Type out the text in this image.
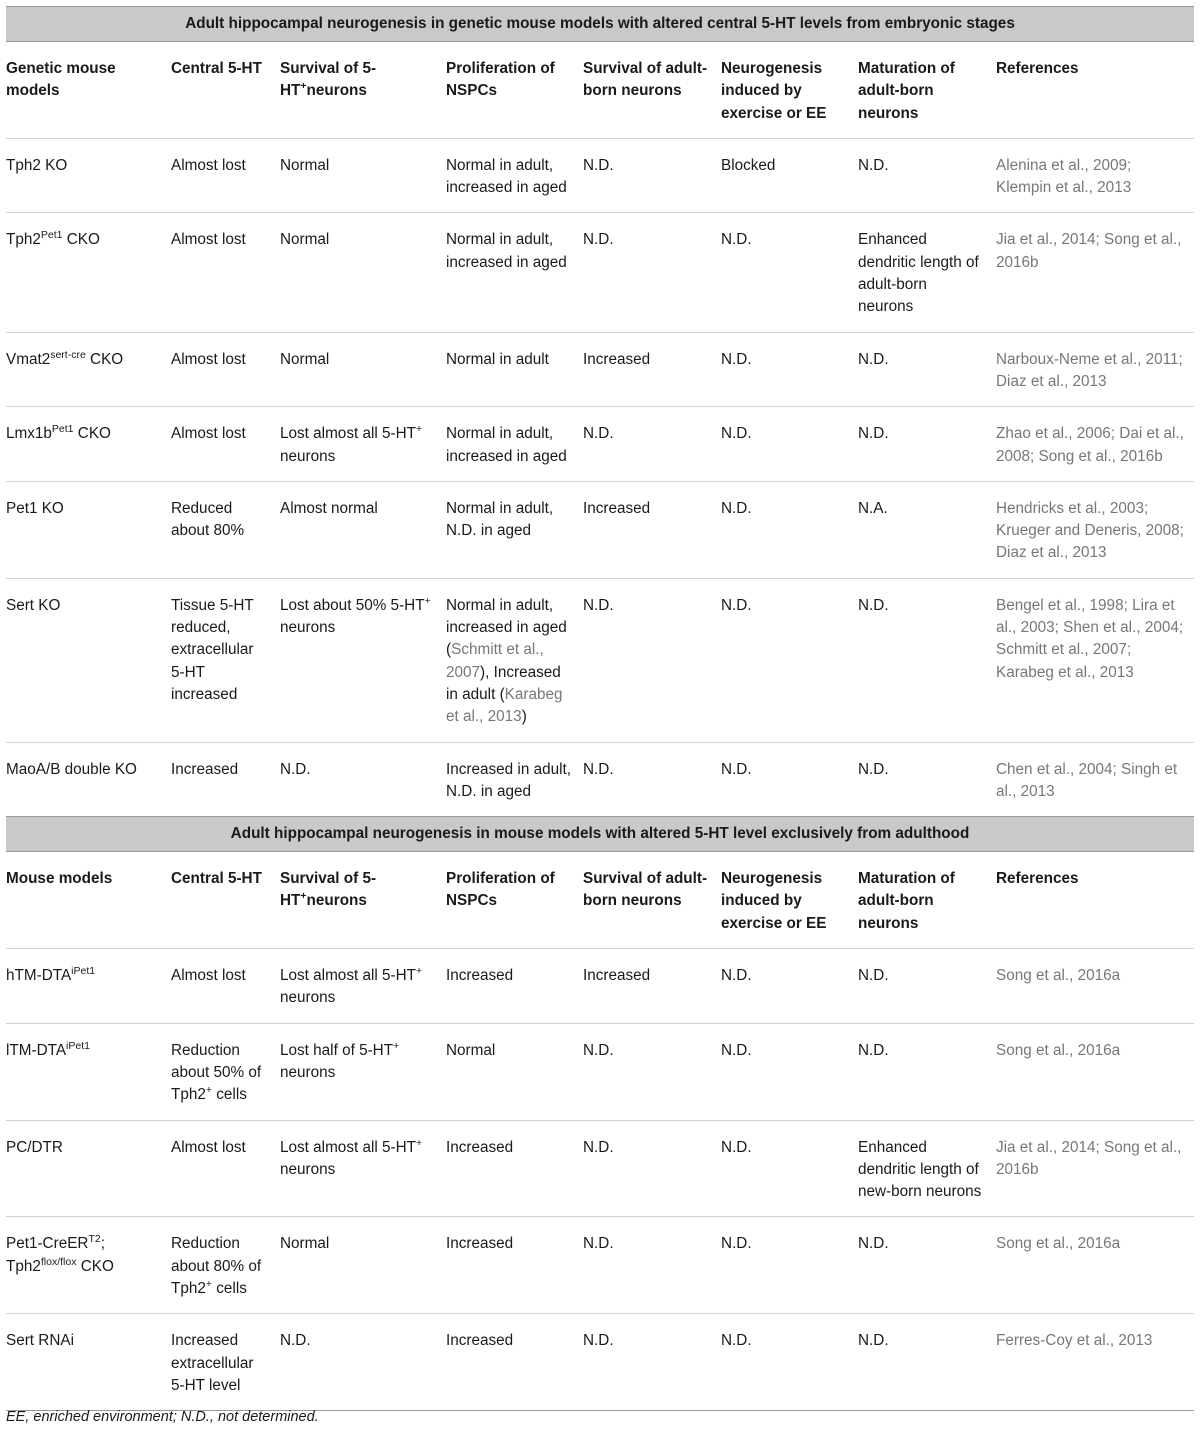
Adult hippocampal neurogenesis in genetic mouse models with altered central 5-HT levels from embryonic stages							
Genetic mouse models	Central 5-HT	Survival of 5-HT+neurons	Proliferation of NSPCs	Survival of adult-born neurons	Neurogenesis induced by exercise or EE	Maturation of adult-born neurons	References
Tph2 KO	Almost lost	Normal	Normal in adult, increased in aged	N.D.	Blocked	N.D.	Alenina et al., 2009; Klempin et al., 2013
$Tph2^{Pet1}$ CKO	Almost lost	Normal	Normal in adult, increased in aged	N.D.	N.D.	Enhanced dendritic length of adult-born neurons	Jia et al., 2014; Song et al., 2016b
$Vmat2^{sert-cre}$ CKO	Almost lost	Normal	Normal in adult	Increased	N.D.	N.D.	Narboux-Neme et al., 2011; Diaz et al., 2013
$Lmx1b^{Pet1}$ CKO	Almost lost	Lost almost all 5-HT+ neurons	Normal in adult, increased in aged	N.D.	N.D.	N.D.	Zhao et al., 2006; Dai et al., 2008; Song et al., 2016b
Pet1 KO	Reduced about 80%	Almost normal	Normal in adult, N.D. in aged	Increased	N.D.	N.A.	Hendricks et al., 2003; Krueger and Deneris, 2008; Diaz et al., 2013
Sert KO	Tissue 5-HT reduced, extracellular 5-HT increased	Lost about 50% 5-HT+ neurons	Normal in adult, increased in aged (Schmitt et al., 2007), Increased in adult (Karabeg et al., 2013)	N.D.	N.D.	N.D.	Bengel et al., 1998; Lira et al., 2003; Shen et al., 2004; Schmitt et al., 2007; Karabeg et al., 2013
MaoA/B double KO	Increased	N.D.	Increased in adult, N.D. in aged	N.D.	N.D.	N.D.	Chen et al., 2004; Singh et al., 2013
Adult hippocampal neurogenesis in mouse models with altered 5-HT level exclusively from adulthood							
Mouse models	Central 5-HT	Survival of 5-HT+neurons	Proliferation of NSPCs	Survival of adult-born neurons	Neurogenesis induced by exercise or EE	Maturation of adult-born neurons	References
hTM-$DTA^{iPet1}$	Almost lost	Lost almost all 5-HT+ neurons	Increased	Increased	N.D.	N.D.	Song et al., 2016a
lTM-$DTA^{iPet1}$	Reduction about 50% of Tph2+ cells	Lost half of 5-HT+ neurons	Normal	N.D.	N.D.	N.D.	Song et al., 2016a
PC/DTR	Almost lost	Lost almost all 5-HT+ neurons	Increased	N.D.	N.D.	Enhanced dendritic length of new-born neurons	Jia et al., 2014; Song et al., 2016b
Pet1-CreER$^{T2}$;
$Tph2^{flox/flox}$ CKO	Reduction about 80% of Tph2+ cells	Normal	Increased	N.D.	N.D.	N.D.	Song et al., 2016a
Sert RNAi	Increased extracellular 5-HT level	N.D.	Increased	N.D.	N.D.	N.D.	Ferres-Coy et al., 2013
EE, enriched environment; N.D., not determined.
